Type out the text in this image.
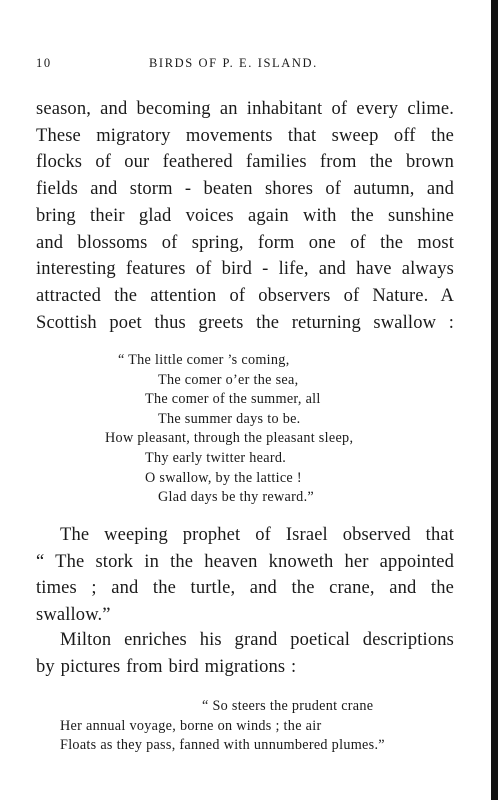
10	BIRDS OF P. E. ISLAND.
season, and becoming an inhabitant of every clime.
These migratory movements that sweep off the
flocks of our feathered families from the brown
fields and storm - beaten shores of autumn, and
bring their glad voices again with the sunshine
and blossoms of spring, form one of the most
interesting features of bird - life, and have always
attracted the attention of observers of Nature. A
Scottish poet thus greets the returning swallow :
“ The little comer ’s coming,
The comer o’er the sea,
The comer of the summer, all
The summer days to be.
How pleasant, through the pleasant sleep,
Thy early twitter heard.
O swallow, by the lattice !
Glad days be thy reward.”
The weeping prophet of Israel observed that
“ The stork in the heaven knoweth her appointed
times ; and the turtle, and the crane, and the
swallow.”
Milton enriches his grand poetical descriptions
by pictures from bird migrations :
“ So steers the prudent crane
Her annual voyage, borne on winds ; the air
Floats as they pass, fanned with unnumbered plumes.”
